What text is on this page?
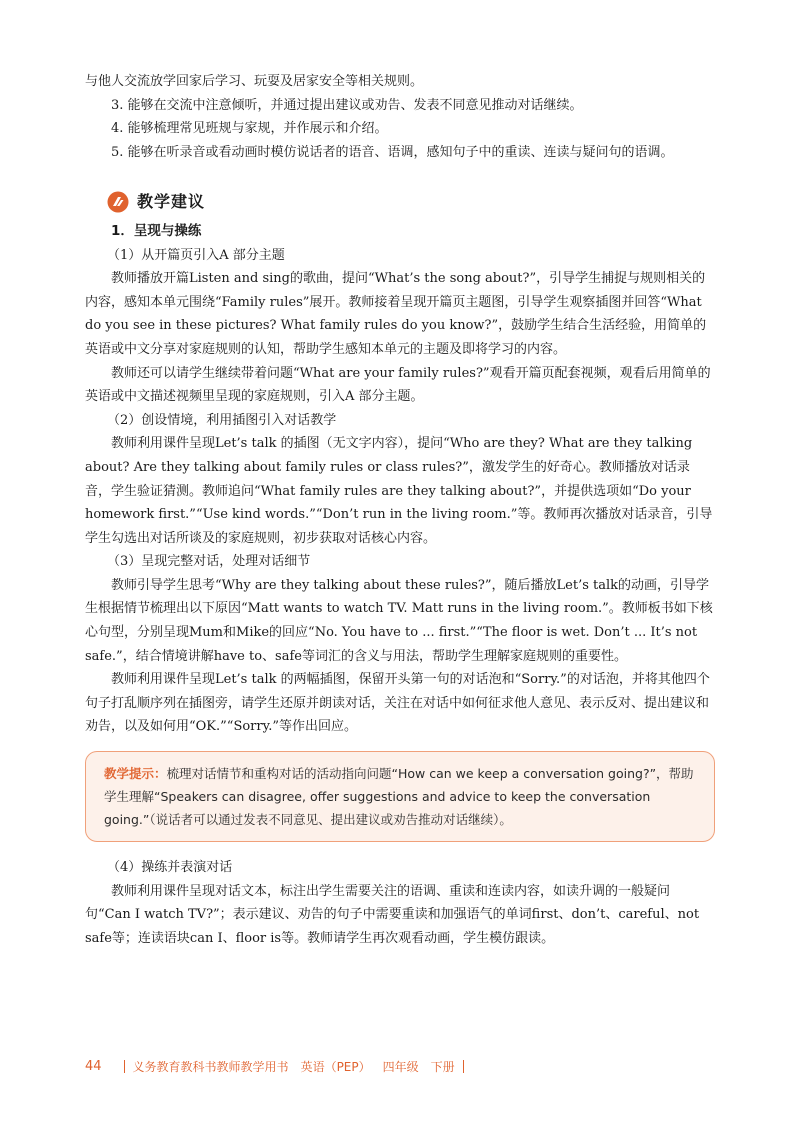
与他人交流放学回家后学习、玩耍及居家安全等相关规则。

3. 能够在交流中注意倾听，并通过提出建议或劝告、发表不同意见推动对话继续。

4. 能够梳理常见班规与家规，并作展示和介绍。

5. 能够在听录音或看动画时模仿说话者的语音、语调，感知句子中的重读、连读与疑问句的语调。

教学建议

1．呈现与操练

（1）从开篇页引入A 部分主题

教师播放开篇Listen and sing的歌曲，提问“What’s the song about?”，引导学生捕捉与规则相关的内容，感知本单元围绕“Family rules”展开。教师接着呈现开篇页主题图，引导学生观察插图并回答“What do you see in these pictures? What family rules do you know?”，鼓励学生结合生活经验，用简单的英语或中文分享对家庭规则的认知，帮助学生感知本单元的主题及即将学习的内容。

教师还可以请学生继续带着问题“What are your family rules?”观看开篇页配套视频，观看后用简单的英语或中文描述视频里呈现的家庭规则，引入A 部分主题。

（2）创设情境，利用插图引入对话教学

教师利用课件呈现Let’s talk 的插图（无文字内容），提问“Who are they? What are they talking about? Are they talking about family rules or class rules?”，激发学生的好奇心。教师播放对话录音，学生验证猜测。教师追问“What family rules are they talking about?”，并提供选项如“Do your homework first.”“Use kind words.”“Don’t run in the living room.”等。教师再次播放对话录音，引导学生勾选出对话所谈及的家庭规则，初步获取对话核心内容。

（3）呈现完整对话，处理对话细节

教师引导学生思考“Why are they talking about these rules?”，随后播放Let’s talk的动画，引导学生根据情节梳理出以下原因“Matt wants to watch TV. Matt runs in the living room.”。教师板书如下核心句型，分别呈现Mum和Mike的回应“No. You have to ... first.”“The floor is wet. Don’t ... It’s not safe.”，结合情境讲解have to、safe等词汇的含义与用法，帮助学生理解家庭规则的重要性。

教师利用课件呈现Let’s talk 的两幅插图，保留开头第一句的对话泡和“Sorry.”的对话泡，并将其他四个句子打乱顺序列在插图旁，请学生还原并朗读对话，关注在对话中如何征求他人意见、表示反对、提出建议和劝告，以及如何用“OK.”“Sorry.”等作出回应。

教学提示：梳理对话情节和重构对话的活动指向问题“How can we keep a conversation going?”，帮助学生理解“Speakers can disagree, offer suggestions and advice to keep the conversation going.”（说话者可以通过发表不同意见、提出建议或劝告推动对话继续）。

（4）操练并表演对话

教师利用课件呈现对话文本，标注出学生需要关注的语调、重读和连读内容，如读升调的一般疑问句“Can I watch TV?”；表示建议、劝告的句子中需要重读和加强语气的单词first、don’t、careful、not safe等；连读语块can I、floor is等。教师请学生再次观看动画，学生模仿跟读。

44	义务教育教科书教师教学用书 英语（PEP） 四年级 下册
